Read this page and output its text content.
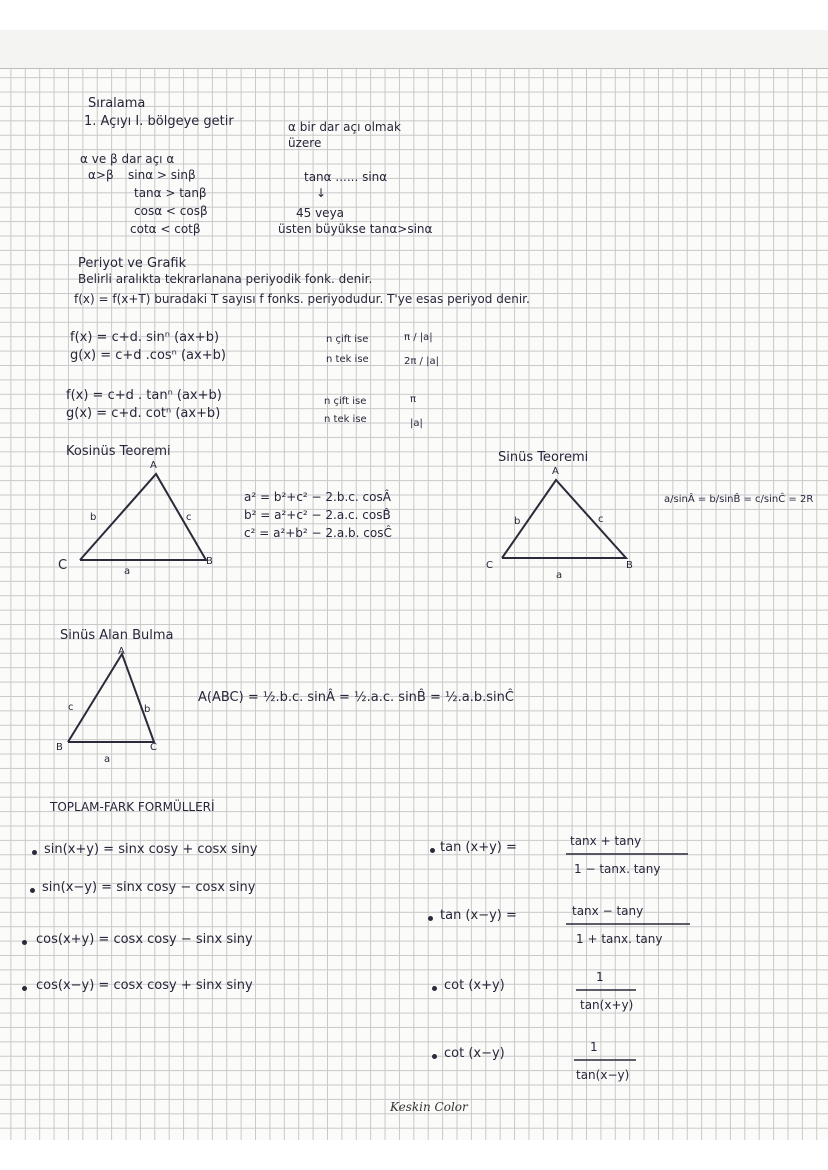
Sıralama
1. Açıyı I. bölgeye getir	α bir dar açı olmak
üzere
α ve β dar açı α
α>β sinα > sinβ
tanα > tanβ
cosα < cosβ
cotα < cotβ
tanα ...... sinα
↓
45 veya
üsten büyükse tanα>sinα
Periyot ve Grafik
Belirli aralıkta tekrarlanana periyodik fonk. denir.
f(x) = f(x+T) buradaki T sayısı f fonks. periyodudur. T'ye esas periyod denir.
f(x) = c+d. sinⁿ (ax+b)
g(x) = c+d .cosⁿ (ax+b)
n çift ise	π / |a|
n tek ise	2π / |a|
f(x) = c+d . tanⁿ (ax+b)
g(x) = c+d. cotⁿ (ax+b)
n çift ise	π
n tek ise	|a|
Kosinüs Teoremi
A
C	B
b	c
a
a² = b²+c² − 2.b.c. cosÂ
b² = a²+c² − 2.a.c. cosB̂
c² = a²+b² − 2.a.b. cosĈ
Sinüs Teoremi
A
C	B
b	c
a
a/sinÂ = b/sinB̂ = c/sinĈ = 2R
Sinüs Alan Bulma
A
B	C
c	b
a
A(ABC) = ½.b.c. sinÂ = ½.a.c. sinB̂ = ½.a.b.sinĈ
TOPLAM-FARK FORMÜLLERİ
sin(x+y) = sinx cosy + cosx siny
sin(x−y) = sinx cosy − cosx siny
cos(x+y) = cosx cosy − sinx siny
cos(x−y) = cosx cosy + sinx siny
tan (x+y) =	tanx + tany
1 − tanx. tany
tan (x−y) =	tanx − tany
1 + tanx. tany
cot (x+y)
1
tan(x+y)
cot (x−y)	1
tan(x−y)
Keskin Color
